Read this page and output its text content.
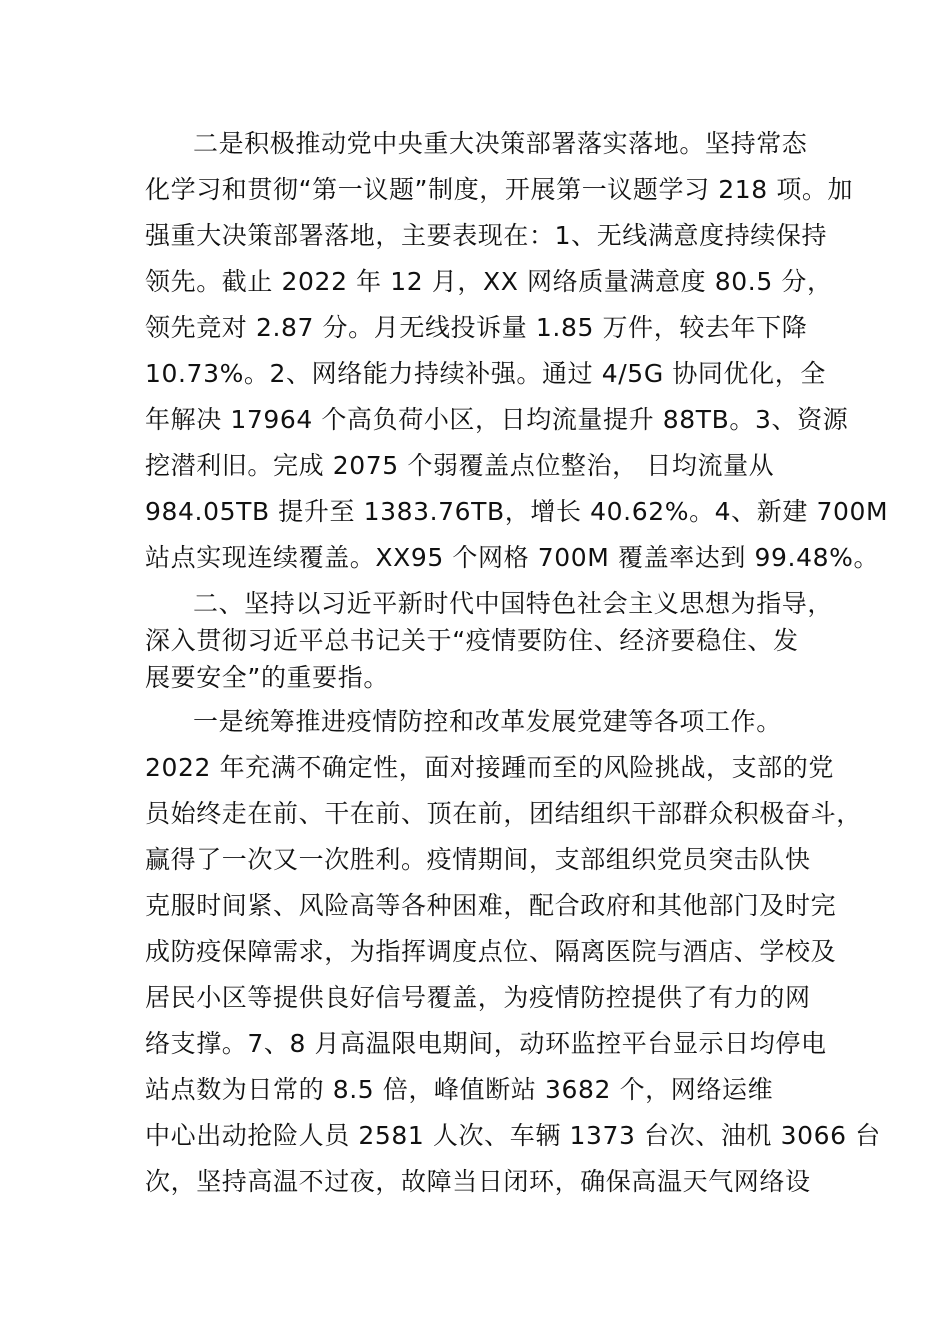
二是积极推动党中央重大决策部署落实落地。坚持常态
化学习和贯彻“第一议题”制度，开展第一议题学习 218 项。加
强重大决策部署落地，主要表现在：1、无线满意度持续保持
领先。截止 2022 年 12 月，XX 网络质量满意度 80.5 分，
领先竞对 2.87 分。月无线投诉量 1.85 万件，较去年下降
10.73%。2、网络能力持续补强。通过 4/5G 协同优化，全
年解决 17964 个高负荷小区，日均流量提升 88TB。3、资源
挖潜利旧。完成 2075 个弱覆盖点位整治， 日均流量从
984.05TB 提升至 1383.76TB，增长 40.62%。4、新建 700M
站点实现连续覆盖。XX95 个网格 700M 覆盖率达到 99.48%。
二、坚持以习近平新时代中国特色社会主义思想为指导，
深入贯彻习近平总书记关于“疫情要防住、经济要稳住、发
展要安全”的重要指。
一是统筹推进疫情防控和改革发展党建等各项工作。
2022 年充满不确定性，面对接踵而至的风险挑战，支部的党
员始终走在前、干在前、顶在前，团结组织干部群众积极奋斗，
赢得了一次又一次胜利。疫情期间，支部组织党员突击队快
克服时间紧、风险高等各种困难，配合政府和其他部门及时完
成防疫保障需求，为指挥调度点位、隔离医院与酒店、学校及
居民小区等提供良好信号覆盖，为疫情防控提供了有力的网
络支撑。7、8 月高温限电期间，动环监控平台显示日均停电
站点数为日常的 8.5 倍，峰值断站 3682 个，网络运维
中心出动抢险人员 2581 人次、车辆 1373 台次、油机 3066 台
次，坚持高温不过夜，故障当日闭环，确保高温天气网络设
